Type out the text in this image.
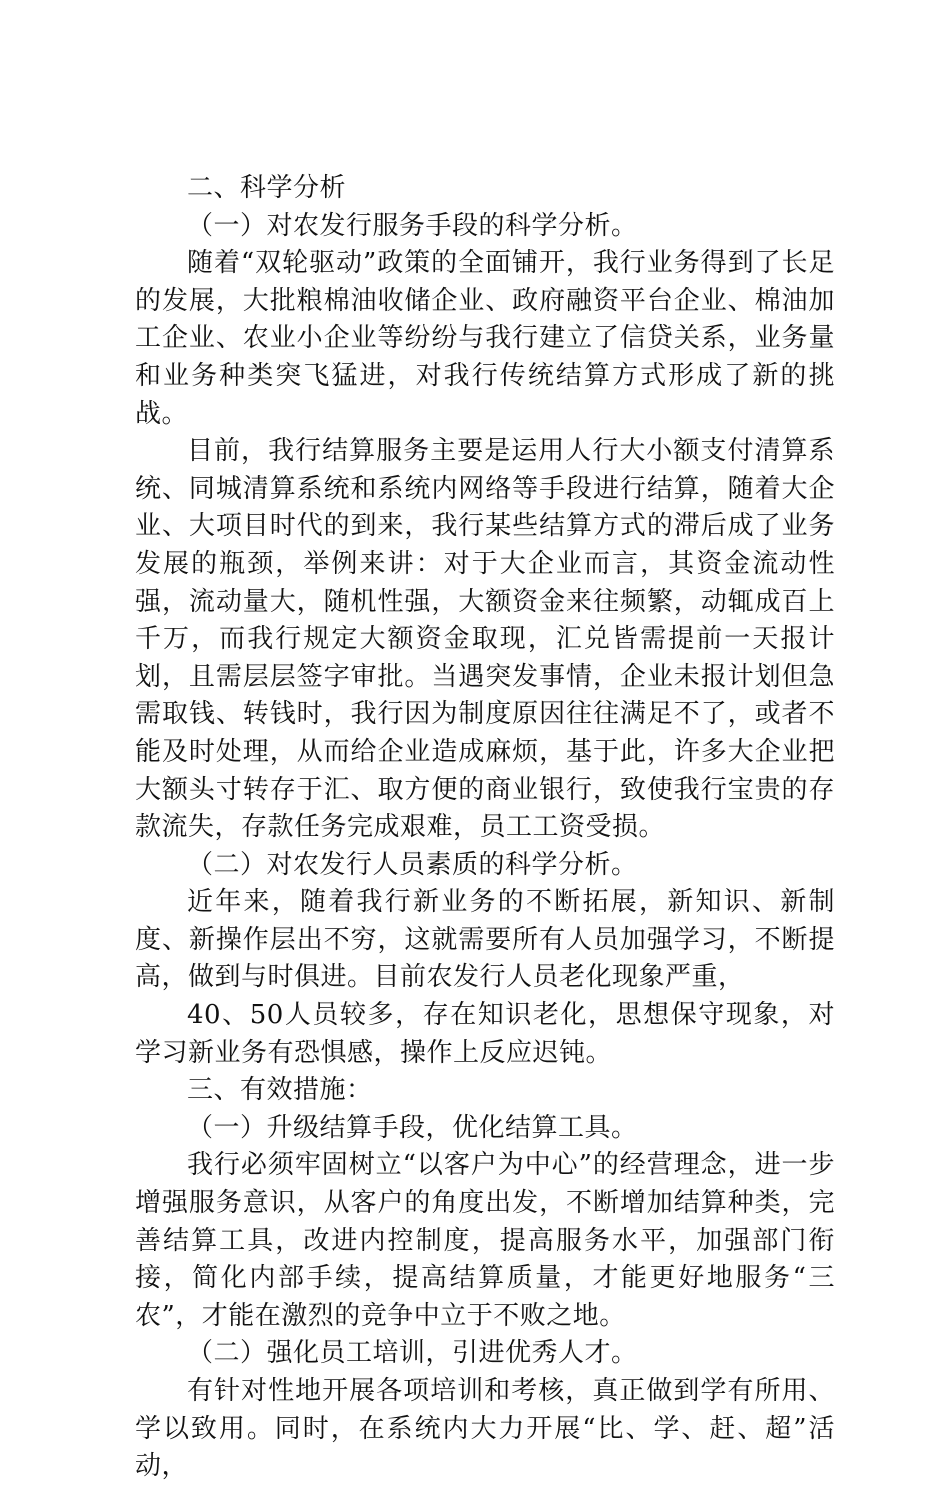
二、科学分析

（一）对农发行服务手段的科学分析。

随着“双轮驱动”政策的全面铺开，我行业务得到了长足的发展，大批粮棉油收储企业、政府融资平台企业、棉油加工企业、农业小企业等纷纷与我行建立了信贷关系，业务量和业务种类突飞猛进，对我行传统结算方式形成了新的挑战。

目前，我行结算服务主要是运用人行大小额支付清算系统、同城清算系统和系统内网络等手段进行结算，随着大企业、大项目时代的到来，我行某些结算方式的滞后成了业务发展的瓶颈，举例来讲：对于大企业而言，其资金流动性强，流动量大，随机性强，大额资金来往频繁，动辄成百上千万，而我行规定大额资金取现，汇兑皆需提前一天报计划，且需层层签字审批。当遇突发事情，企业未报计划但急需取钱、转钱时，我行因为制度原因往往满足不了，或者不能及时处理，从而给企业造成麻烦，基于此，许多大企业把大额头寸转存于汇、取方便的商业银行，致使我行宝贵的存款流失，存款任务完成艰难，员工工资受损。

（二）对农发行人员素质的科学分析。

近年来，随着我行新业务的不断拓展，新知识、新制度、新操作层出不穷，这就需要所有人员加强学习，不断提高，做到与时俱进。目前农发行人员老化现象严重，

40、50人员较多，存在知识老化，思想保守现象，对学习新业务有恐惧感，操作上反应迟钝。

三、有效措施：

（一）升级结算手段，优化结算工具。

我行必须牢固树立“以客户为中心”的经营理念，进一步增强服务意识，从客户的角度出发，不断增加结算种类，完善结算工具，改进内控制度，提高服务水平，加强部门衔接，简化内部手续，提高结算质量，才能更好地服务“三农”，才能在激烈的竞争中立于不败之地。

（二）强化员工培训，引进优秀人才。

有针对性地开展各项培训和考核，真正做到学有所用、学以致用。同时，在系统内大力开展“比、学、赶、超”活动，
